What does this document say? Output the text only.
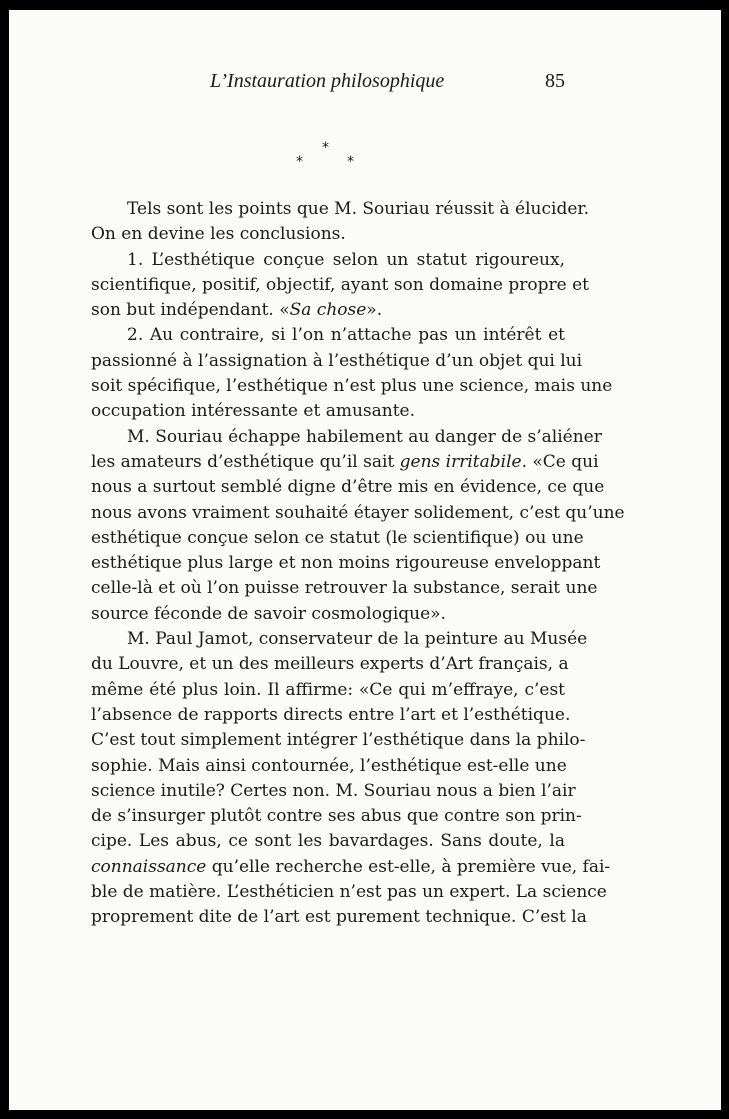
L’Instauration philosophique	85
*
*	*
Tels sont les points que M. Souriau réussit à élucider.
On en devine les conclusions.
1. L’esthétique conçue selon un statut rigoureux,
scientifique, positif, objectif, ayant son domaine propre et
son but indépendant. «Sa chose».
2. Au contraire, si l’on n’attache pas un intérêt et
passionné à l’assignation à l’esthétique d’un objet qui lui
soit spécifique, l’esthétique n’est plus une science, mais une
occupation intéressante et amusante.
M. Souriau échappe habilement au danger de s’aliéner
les amateurs d’esthétique qu’il sait gens irritabile. «Ce qui
nous a surtout semblé digne d’être mis en évidence, ce que
nous avons vraiment souhaité étayer solidement, c’est qu’une
esthétique conçue selon ce statut (le scientifique) ou une
esthétique plus large et non moins rigoureuse enveloppant
celle-là et où l’on puisse retrouver la substance, serait une
source féconde de savoir cosmologique».
M. Paul Jamot, conservateur de la peinture au Musée
du Louvre, et un des meilleurs experts d’Art français, a
même été plus loin. Il affirme: «Ce qui m’effraye, c’est
l’absence de rapports directs entre l’art et l’esthétique.
C’est tout simplement intégrer l’esthétique dans la philo-
sophie. Mais ainsi contournée, l’esthétique est-elle une
science inutile? Certes non. M. Souriau nous a bien l’air
de s’insurger plutôt contre ses abus que contre son prin-
cipe. Les abus, ce sont les bavardages. Sans doute, la
connaissance qu’elle recherche est-elle, à première vue, fai-
ble de matière. L’esthéticien n’est pas un expert. La science
proprement dite de l’art est purement technique. C’est la
